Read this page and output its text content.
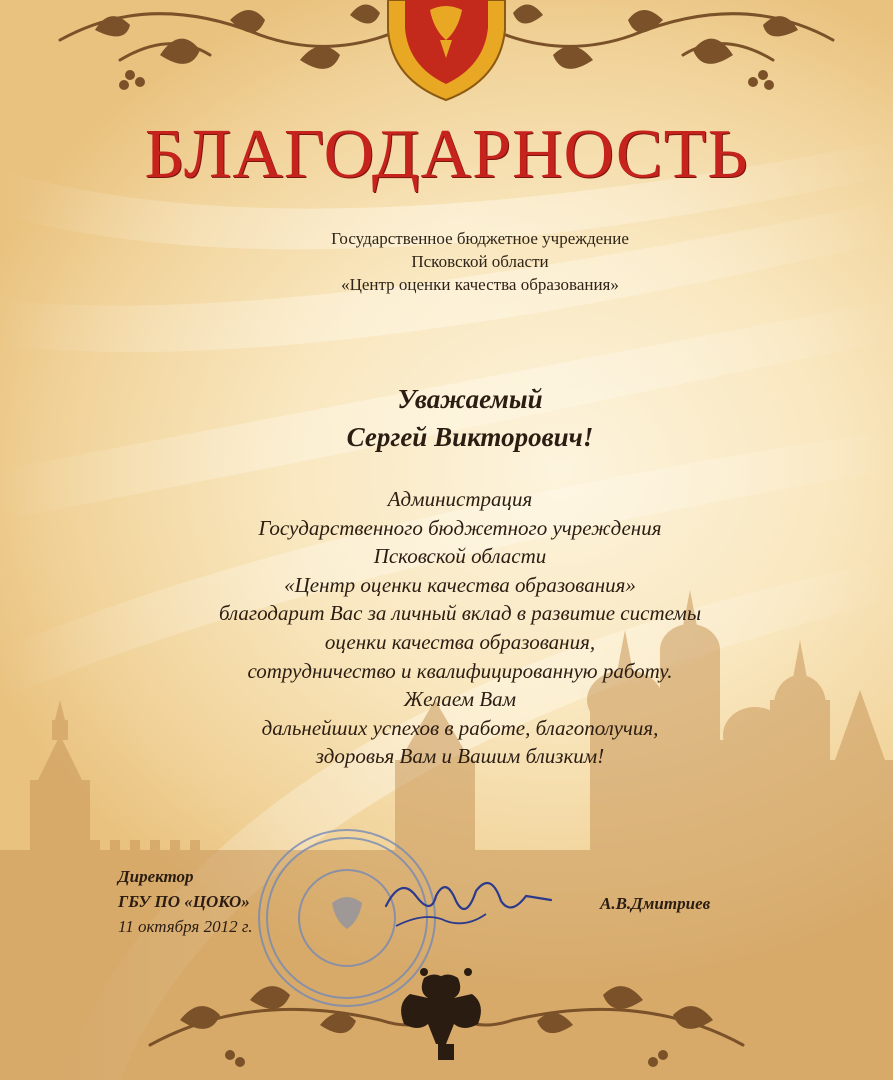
БЛАГОДАРНОСТЬ
Государственное бюджетное учреждение
Псковской области
«Центр оценки качества образования»
Уважаемый
Сергей Викторович!
Администрация
Государственного бюджетного учреждения
Псковской области
«Центр оценки качества образования»
благодарит Вас за личный вклад в развитие системы
оценки качества образования,
сотрудничество и квалифицированную работу.
Желаем Вам
дальнейших успехов в работе, благополучия,
здоровья Вам и Вашим близким!
Директор
ГБУ ПО «ЦОКО»
11 октября 2012 г.
А.В.Дмитриев
